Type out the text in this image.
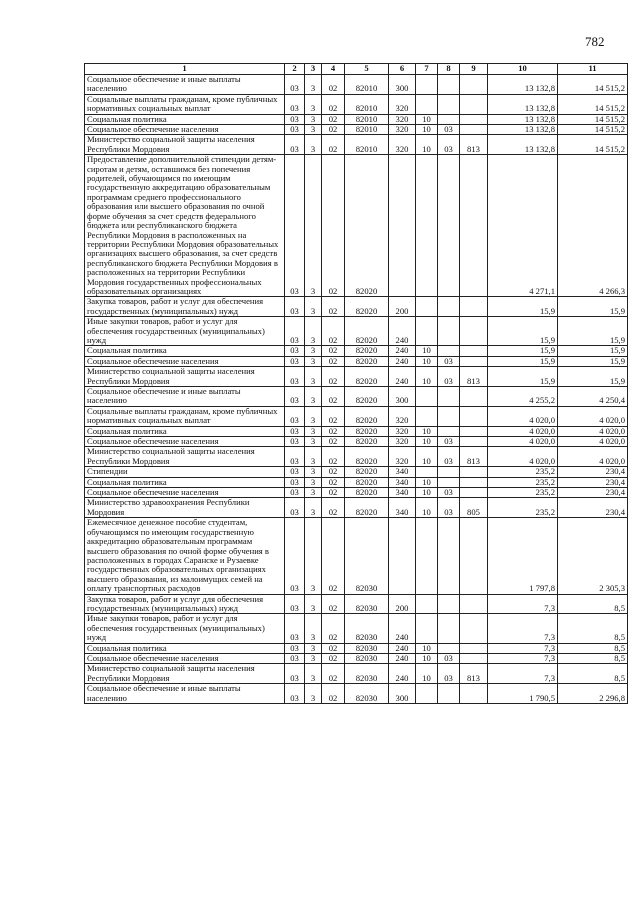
782
1	2	3	4	5	6	7	8	9	10	11
Социальное обеспечение и иные выплаты населению	03	3	02	82010	300				13 132,8	14 515,2
Социальные выплаты гражданам, кроме публичных нормативных социальных выплат	03	3	02	82010	320				13 132,8	14 515,2
Социальная политика	03	3	02	82010	320	10			13 132,8	14 515,2
Социальное обеспечение населения	03	3	02	82010	320	10	03		13 132,8	14 515,2
Министерство социальной защиты населения Республики Мордовия	03	3	02	82010	320	10	03	813	13 132,8	14 515,2
Предоставление дополнительной стипендии детям-сиротам и детям, оставшимся без попечения родителей, обучающимся по имеющим государственную аккредитацию образовательным программам среднего профессионального образования или высшего образования по очной форме обучения за счет средств федерального бюджета или республиканского бюджета Республики Мордовия в расположенных на территории Республики Мордовия образовательных организациях высшего образования, за счет средств республиканского бюджета Республики Мордовия в расположенных на территории Республики Мордовия государственных профессиональных образовательных организациях	03	3	02	82020					4 271,1	4 266,3
Закупка товаров, работ и услуг для обеспечения государственных (муниципальных) нужд	03	3	02	82020	200				15,9	15,9
Иные закупки товаров, работ и услуг для обеспечения государственных (муниципальных) нужд	03	3	02	82020	240				15,9	15,9
Социальная политика	03	3	02	82020	240	10			15,9	15,9
Социальное обеспечение населения	03	3	02	82020	240	10	03		15,9	15,9
Министерство социальной защиты населения Республики Мордовия	03	3	02	82020	240	10	03	813	15,9	15,9
Социальное обеспечение и иные выплаты населению	03	3	02	82020	300				4 255,2	4 250,4
Социальные выплаты гражданам, кроме публичных нормативных социальных выплат	03	3	02	82020	320				4 020,0	4 020,0
Социальная политика	03	3	02	82020	320	10			4 020,0	4 020,0
Социальное обеспечение населения	03	3	02	82020	320	10	03		4 020,0	4 020,0
Министерство социальной защиты населения Республики Мордовия	03	3	02	82020	320	10	03	813	4 020,0	4 020,0
Стипендии	03	3	02	82020	340				235,2	230,4
Социальная политика	03	3	02	82020	340	10			235,2	230,4
Социальное обеспечение населения	03	3	02	82020	340	10	03		235,2	230,4
Министерство здравоохранения Республики Мордовия	03	3	02	82020	340	10	03	805	235,2	230,4
Ежемесячное денежное пособие студентам, обучающимся по имеющим государственную аккредитацию образовательным программам высшего образования по очной форме обучения в расположенных в городах Саранске и Рузаевке государственных образовательных организациях высшего образования, из малоимущих семей на оплату транспортных расходов	03	3	02	82030					1 797,8	2 305,3
Закупка товаров, работ и услуг для обеспечения государственных (муниципальных) нужд	03	3	02	82030	200				7,3	8,5
Иные закупки товаров, работ и услуг для обеспечения государственных (муниципальных) нужд	03	3	02	82030	240				7,3	8,5
Социальная политика	03	3	02	82030	240	10			7,3	8,5
Социальное обеспечение населения	03	3	02	82030	240	10	03		7,3	8,5
Министерство социальной защиты населения Республики Мордовия	03	3	02	82030	240	10	03	813	7,3	8,5
Социальное обеспечение и иные выплаты населению	03	3	02	82030	300				1 790,5	2 296,8
